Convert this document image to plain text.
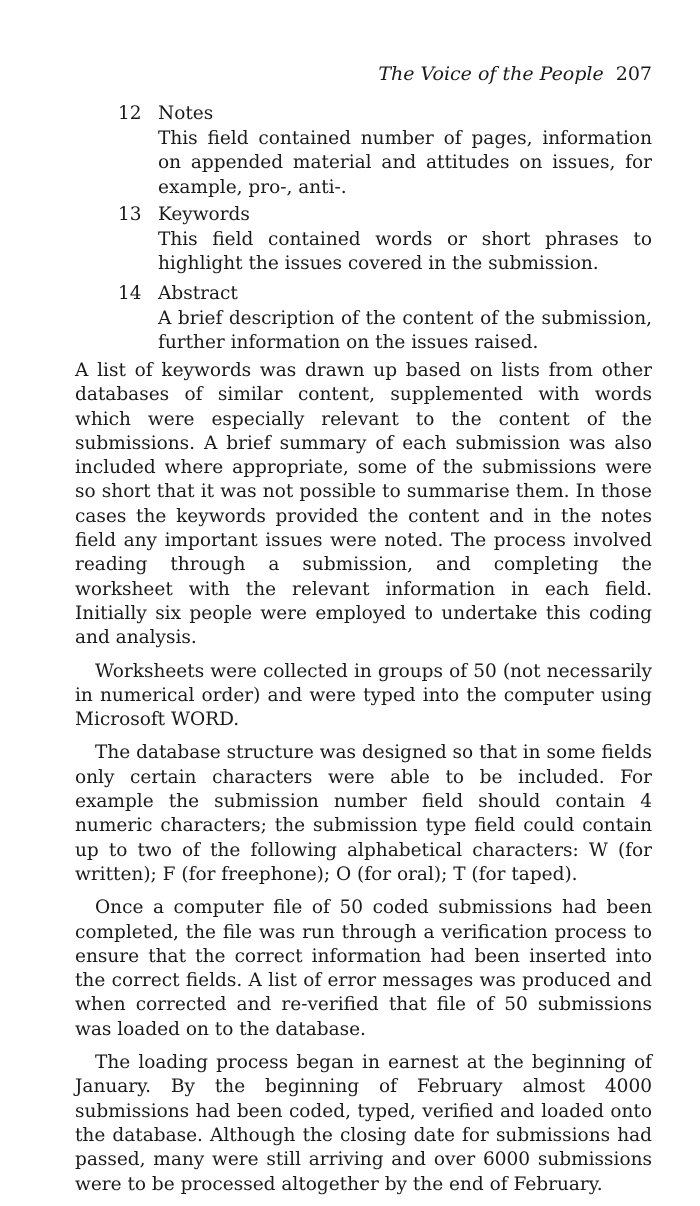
The Voice of the People 207
12 Notes
This field contained number of pages, information on appended material and attitudes on issues, for example, pro-, anti-.
13 Keywords
This field contained words or short phrases to highlight the issues covered in the submission.
14 Abstract
A brief description of the content of the submission, further information on the issues raised.

A list of keywords was drawn up based on lists from other databases of similar content, supplemented with words which were especially relevant to the content of the submissions. A brief summary of each submission was also included where appropriate, some of the submissions were so short that it was not possible to summarise them. In those cases the keywords provided the content and in the notes field any important issues were noted. The process involved reading through a submission, and completing the worksheet with the relevant information in each field. Initially six people were employed to undertake this coding and analysis.

Worksheets were collected in groups of 50 (not necessarily in numerical order) and were typed into the computer using Microsoft WORD.

The database structure was designed so that in some fields only certain characters were able to be included. For example the submission number field should contain 4 numeric characters; the submission type field could contain up to two of the following alphabetical characters: W (for written); F (for freephone); O (for oral); T (for taped).

Once a computer file of 50 coded submissions had been completed, the file was run through a verification process to ensure that the correct information had been inserted into the correct fields. A list of error messages was produced and when corrected and re-verified that file of 50 submissions was loaded on to the database.

The loading process began in earnest at the beginning of January. By the beginning of February almost 4000 submissions had been coded, typed, verified and loaded onto the database. Although the closing date for submissions had passed, many were still arriving and over 6000 submissions were to be processed altogether by the end of February.
